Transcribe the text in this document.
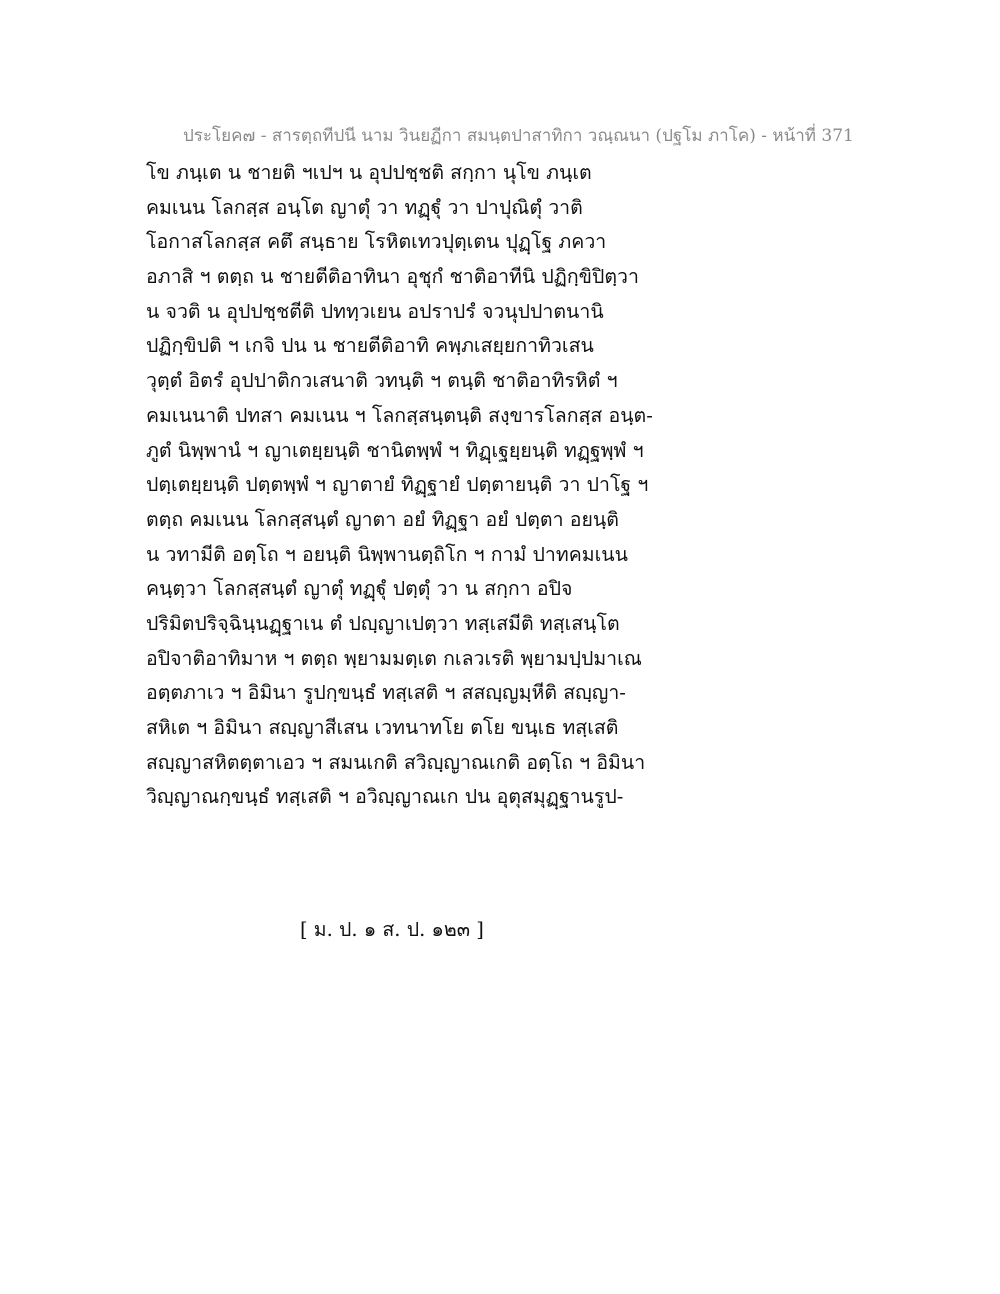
ประโยค๗ - สารตฺถทีปนี นาม วินยฏีกา สมนฺตปาสาทิกา วณฺณนา (ปฐโม ภาโค) - หน้าที่ 371
โข ภนฺเต น ชายติ ฯเปฯ น อุปปชฺชติ สกฺกา นุโข ภนฺเต
คมเนน โลกสฺส อนฺโต ญาตุํ วา ทฏฺฐุํ วา ปาปุณิตุํ วาติ
โอกาสโลกสฺส คตึ สนฺธาย โรหิตเทวปุตฺเตน ปุฏฺโฐ ภควา
อภาสิ ฯ ตตฺถ น ชายตีติอาทินา อุชุกํ ชาติอาทีนิ ปฏิกฺขิปิตฺวา
น จวติ น อุปปชฺชตีติ ปททฺวเยน อปราปรํ จวนุปปาตนานิ
ปฏิกฺขิปติ ฯ เกจิ ปน น ชายตีติอาทิ คพฺภเสยฺยกาทิวเสน
วุตฺตํ อิตรํ อุปปาติกวเสนาติ วทนฺติ ฯ ตนฺติ ชาติอาทิรหิตํ ฯ
คมเนนาติ ปทสา คมเนน ฯ โลกสฺสนฺตนฺติ สงฺขารโลกสฺส อนฺต-
ภูตํ นิพฺพานํ ฯ ญาเตยฺยนฺติ ชานิตพฺพํ ฯ ทิฏฺเฐยฺยนฺติ ทฏฺฐพฺพํ ฯ
ปตฺเตยฺยนฺติ ปตฺตพฺพํ ฯ ญาตายํ ทิฏฺฐายํ ปตฺตายนฺติ วา ปาโฐ ฯ
ตตฺถ คมเนน โลกสฺสนฺตํ ญาตา อยํ ทิฏฺฐา อยํ ปตฺตา อยนฺติ
น วทามีติ อตฺโถ ฯ อยนฺติ นิพฺพานตฺถิโก ฯ กามํ ปาทคมเนน
คนฺตฺวา โลกสฺสนฺตํ ญาตุํ ทฏฺฐุํ ปตฺตุํ วา น สกฺกา อปิจ
ปริมิตปริจฺฉินฺนฏฺฐาเน ตํ ปญฺญาเปตฺวา ทสฺเสมีติ ทสฺเสนฺโต
อปิจาติอาทิมาห ฯ ตตฺถ พฺยามมตฺเต กเลวเรติ พฺยามปฺปมาเณ
อตฺตภาเว ฯ อิมินา รูปกฺขนฺธํ ทสฺเสติ ฯ สสญฺญมฺหีติ สญฺญา-
สหิเต ฯ อิมินา สญฺญาสีเสน เวทนาทโย ตโย ขนฺเธ ทสฺเสติ
สญฺญาสหิตตฺตาเอว ฯ สมนเกติ สวิญฺญาณเกติ อตฺโถ ฯ อิมินา
วิญฺญาณกฺขนฺธํ ทสฺเสติ ฯ อวิญฺญาณเก ปน อุตุสมุฏฺฐานรูป-
[ ม. ป. ๑ ส. ป. ๑๒๓ ]
